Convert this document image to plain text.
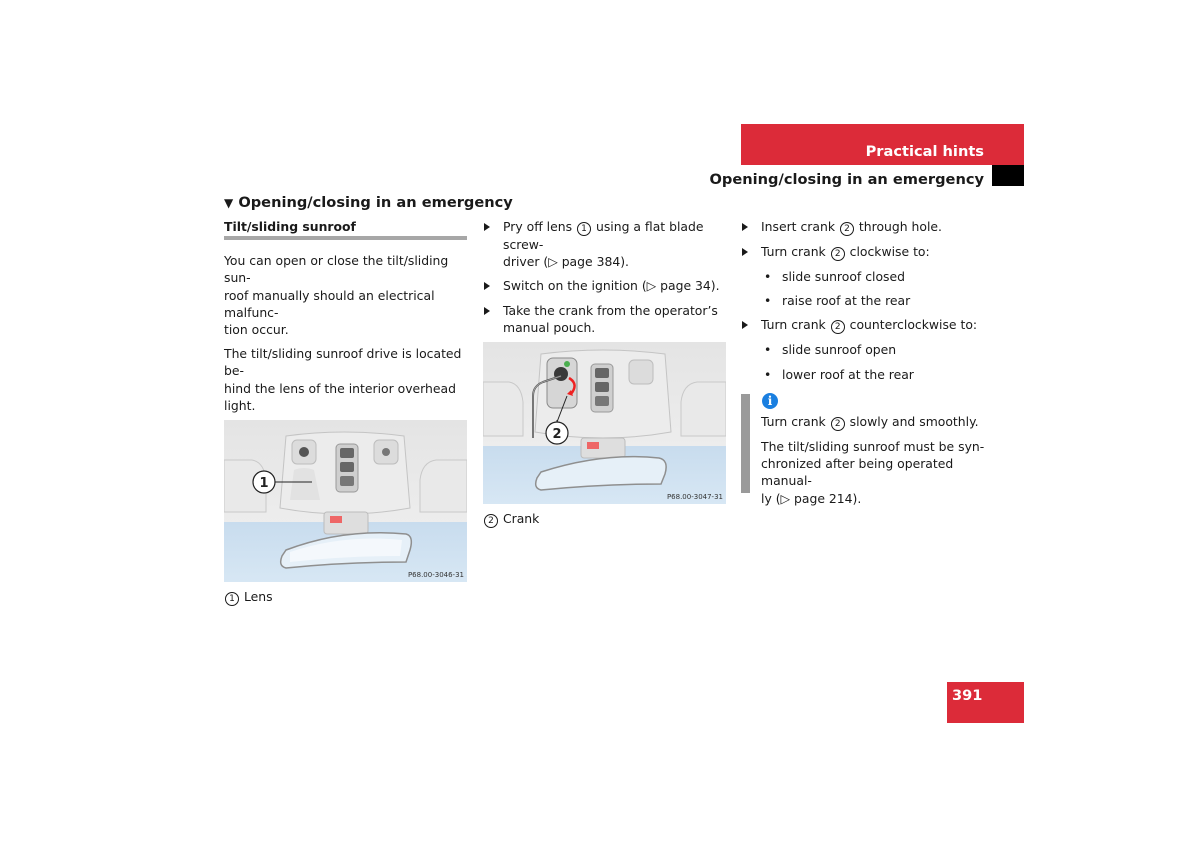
Practical hints
Opening/closing in an emergency
▼ Opening/closing in an emergency
Tilt/sliding sunroof

You can open or close the tilt/sliding sun-
roof manually should an electrical malfunc-
tion occur.

The tilt/sliding sunroof drive is located be-
hind the lens of the interior overhead light.

1
P68.00-3046-31

1 Lens

Pry off lens 1 using a flat blade screw-
driver (▷ page 384).
Switch on the ignition (▷ page 34).
Take the crank from the operator’s
manual pouch.
2
P68.00-3047-31

2 Crank

Insert crank 2 through hole.
Turn crank 2 clockwise to:
• slide sunroof closed
• raise roof at the rear
Turn crank 2 counterclockwise to:
• slide sunroof open
• lower roof at the rear
i

Turn crank 2 slowly and smoothly.

The tilt/sliding sunroof must be syn-
chronized after being operated manual-
ly (▷ page 214).

391
